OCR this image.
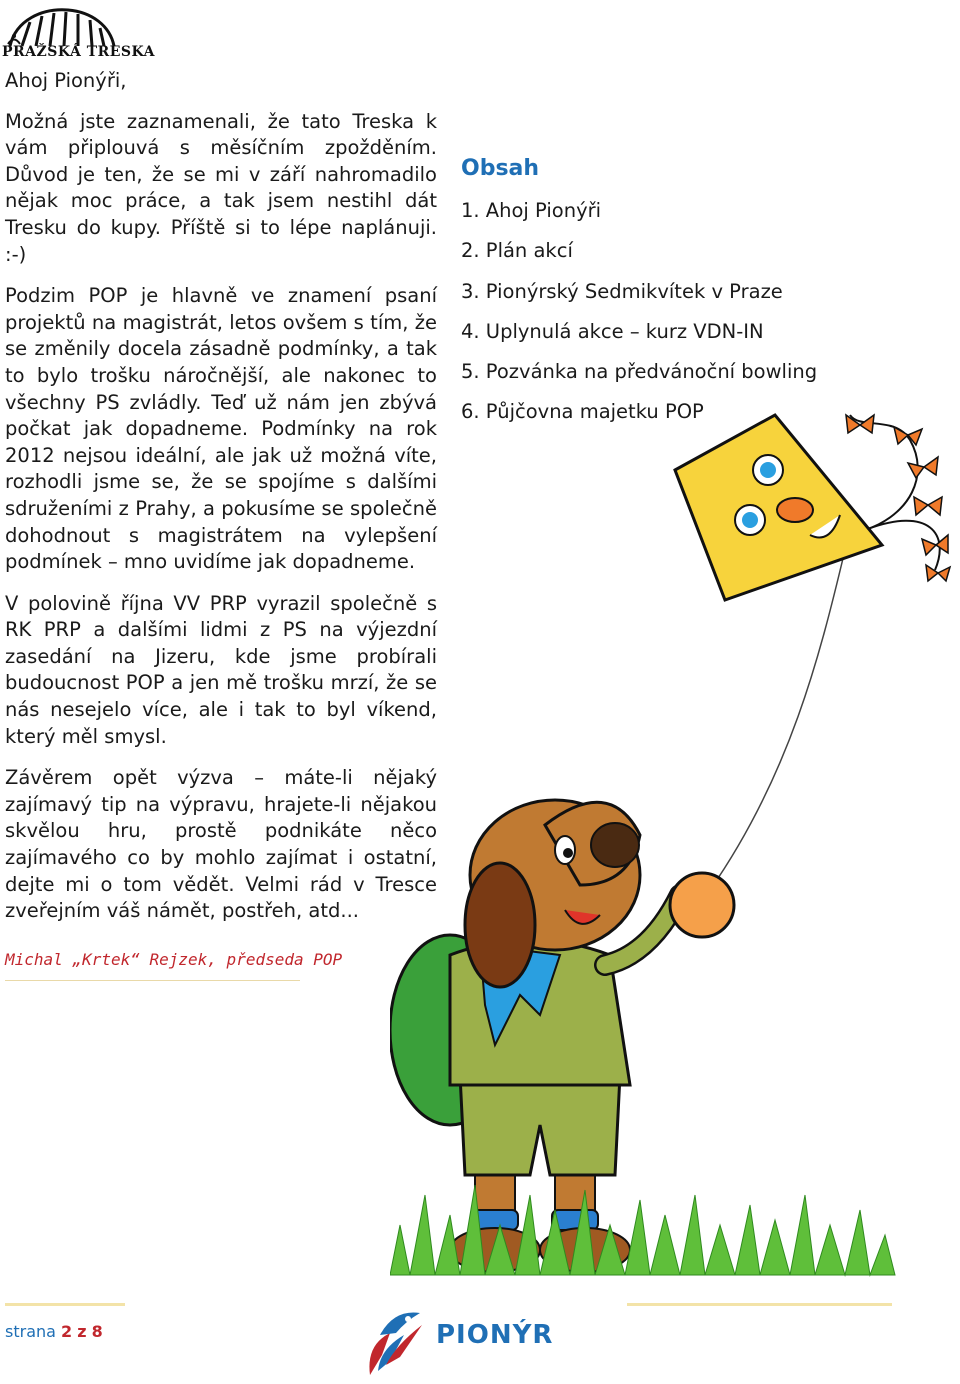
PRAŽSKÁ TRESKA

Ahoj Pionýři,

Možná jste zaznamenali, že tato Treska k vám připlouvá s měsíčním zpožděním. Důvod je ten, že se mi v září nahromadilo nějak moc práce, a tak jsem nestihl dát Tresku do kupy. Příště si to lépe naplánuji. :-)

Podzim POP je hlavně ve znamení psaní projektů na magistrát, letos ovšem s tím, že se změnily docela zásadně podmínky, a tak to bylo trošku náročnější, ale nakonec to všechny PS zvládly. Teď už nám jen zbývá počkat jak dopadneme. Podmínky na rok 2012 nejsou ideální, ale jak už možná víte, rozhodli jsme se, že se spojíme s dalšími sdruženími z Prahy, a pokusíme se společně dohodnout s magistrátem na vylepšení podmínek – mno uvidíme jak dopadneme.

V polovině října VV PRP vyrazil společně s RK PRP a dalšími lidmi z PS na výjezdní zasedání na Jizeru, kde jsme probírali budoucnost POP a jen mě trošku mrzí, že se nás nesejelo více, ale i tak to byl víkend, který měl smysl.

Závěrem opět výzva – máte-li nějaký zajímavý tip na výpravu, hrajete-li nějakou skvělou hru, prostě podnikáte něco zajímavého co by mohlo zajímat i ostatní, dejte mi o tom vědět. Velmi rád v Tresce zveřejním váš námět, postřeh, atd...

Michal „Krtek“ Rejzek, předseda POP
Obsah
1. Ahoj Pionýři
2. Plán akcí
3. Pionýrský Sedmikvítek v Praze
4. Uplynulá akce – kurz VDN-IN
5. Pozvánka na předvánoční bowling
6. Půjčovna majetku POP
strana 2 z 8	PIONÝR
